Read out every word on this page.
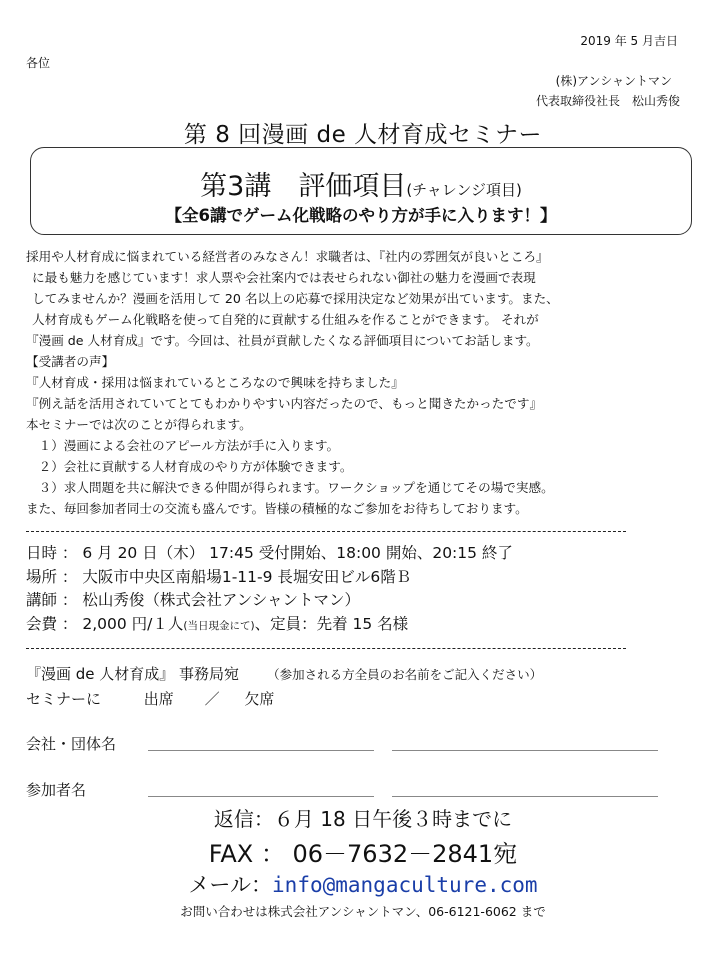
2019 年 5 月吉日
各位
(株)アンシャントマン
代表取締役社長　松山秀俊
第 8 回漫画 de 人材育成セミナー
第3講　評価項目(チャレンジ項目)
【全6講でゲーム化戦略のやり方が手に入ります！】
採用や人材育成に悩まれている経営者のみなさん！求職者は、『社内の雰囲気が良いところ』
に最も魅力を感じています！求人票や会社案内では表せられない御社の魅力を漫画で表現
してみませんか？漫画を活用して 20 名以上の応募で採用決定など効果が出ています。また、
人材育成もゲーム化戦略を使って自発的に貢献する仕組みを作ることができます。 それが
『漫画 de 人材育成』です。今回は、社員が貢献したくなる評価項目についてお話します。
【受講者の声】
『人材育成・採用は悩まれているところなので興味を持ちました』
『例え話を活用されていてとてもわかりやすい内容だったので、もっと聞きたかったです』
本セミナーでは次のことが得られます。
　１）漫画による会社のアピール方法が手に入ります。
　２）会社に貢献する人材育成のやり方が体験できます。
　３）求人問題を共に解決できる仲間が得られます。ワークショップを通じてその場で実感。
また、毎回参加者同士の交流も盛んです。皆様の積極的なご参加をお待ちしております。
日時 ： 6 月 20 日（木） 17:45 受付開始、18:00 開始、20:15 終了
場所 ： 大阪市中央区南船場1-11-9 長堀安田ビル6階Ｂ
講師 ： 松山秀俊（株式会社アンシャントマン）
会費 ： 2,000 円/１人(当日現金にて)、定員：先着 15 名様
『漫画 de 人材育成』 事務局宛 （参加される方全員のお名前をご記入ください）
セミナーに	出席 ／ 欠席
会社・団体名
参加者名
返信：６月 18 日午後３時までに
FAX ： 06－7632－2841宛
メール：info@mangaculture.com
お問い合わせは株式会社アンシャントマン、06-6121-6062 まで
